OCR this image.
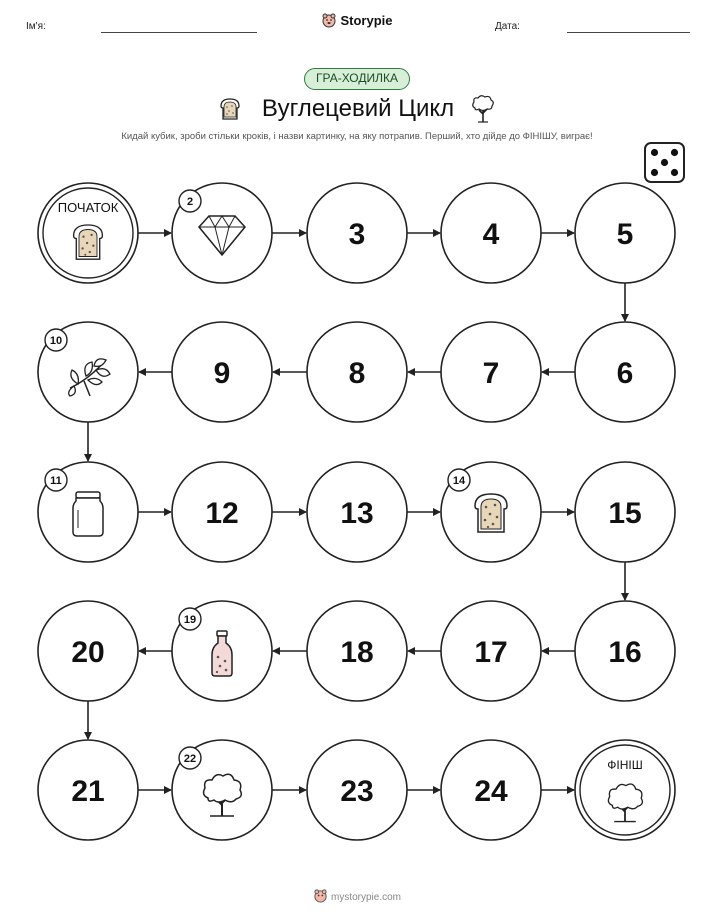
Ім'я:	Storypie	Дата:
ГРА-ХОДИЛКА
Вуглецевий Цикл
Кидай кубик, зроби стільки кроків, і назви картинку, на яку потрапив. Перший, хто дійде до ФІНІШУ, виграє!
ПОЧАТОК	2
3	4	5
6
7
8
9
10
11
12	13
14
15
16
17
18
19
20
21
22
23	24
ФІНІШ
mystorypie.com
